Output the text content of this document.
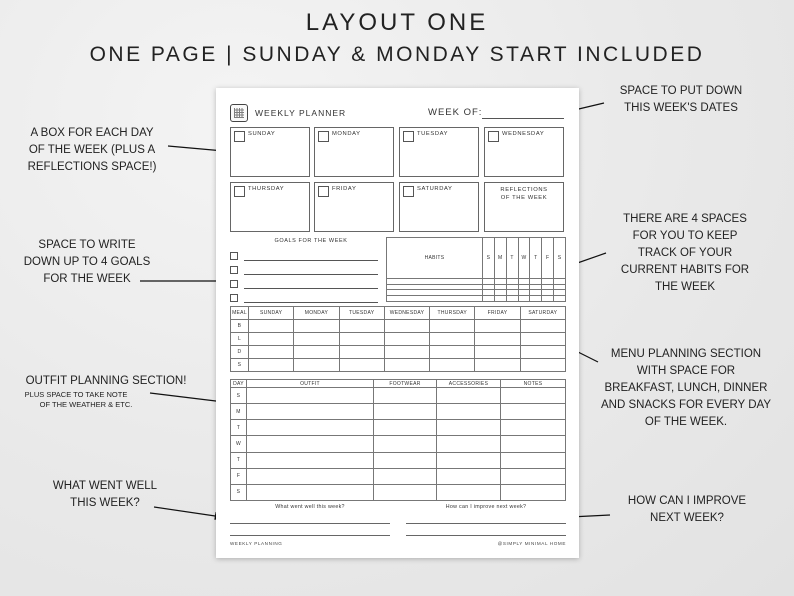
LAYOUT ONE
ONE PAGE | SUNDAY & MONDAY START INCLUDED
SPACE TO PUT DOWN
THIS WEEK'S DATES
A BOX FOR EACH DAY
OF THE WEEK (PLUS A
REFLECTIONS SPACE!)
THERE ARE 4 SPACES
FOR YOU TO KEEP
TRACK OF YOUR
CURRENT HABITS FOR
THE WEEK
SPACE TO WRITE
DOWN UP TO 4 GOALS
FOR THE WEEK
MENU PLANNING SECTION
WITH SPACE FOR
BREAKFAST, LUNCH, DINNER
AND SNACKS FOR EVERY DAY
OF THE WEEK.
OUTFIT PLANNING SECTION!
PLUS SPACE TO TAKE NOTE
OF THE WEATHER & ETC.
WHAT WENT WELL
THIS WEEK?	HOW CAN I IMPROVE
NEXT WEEK?
WEEKLY PLANNER	WEEK OF:
SUNDAY	MONDAY	TUESDAY	WEDNESDAY
THURSDAY	FRIDAY	SATURDAY	REFLECTIONS OF THE WEEK
GOALS FOR THE WEEK
HABITS	S	M	T	W	T	F	S

MEAL	SUNDAY	MONDAY	TUESDAY	WEDNESDAY	THURSDAY	FRIDAY	SATURDAY
B							
L							
D							
S							
DAY	OUTFIT	FOOTWEAR	ACCESSORIES	NOTES
S				
M				
T				
W				
T				
F				
S				
What went well this week?	How can I improve next week?
WEEKLY PLANNING	@SIMPLY MINIMAL HOME
